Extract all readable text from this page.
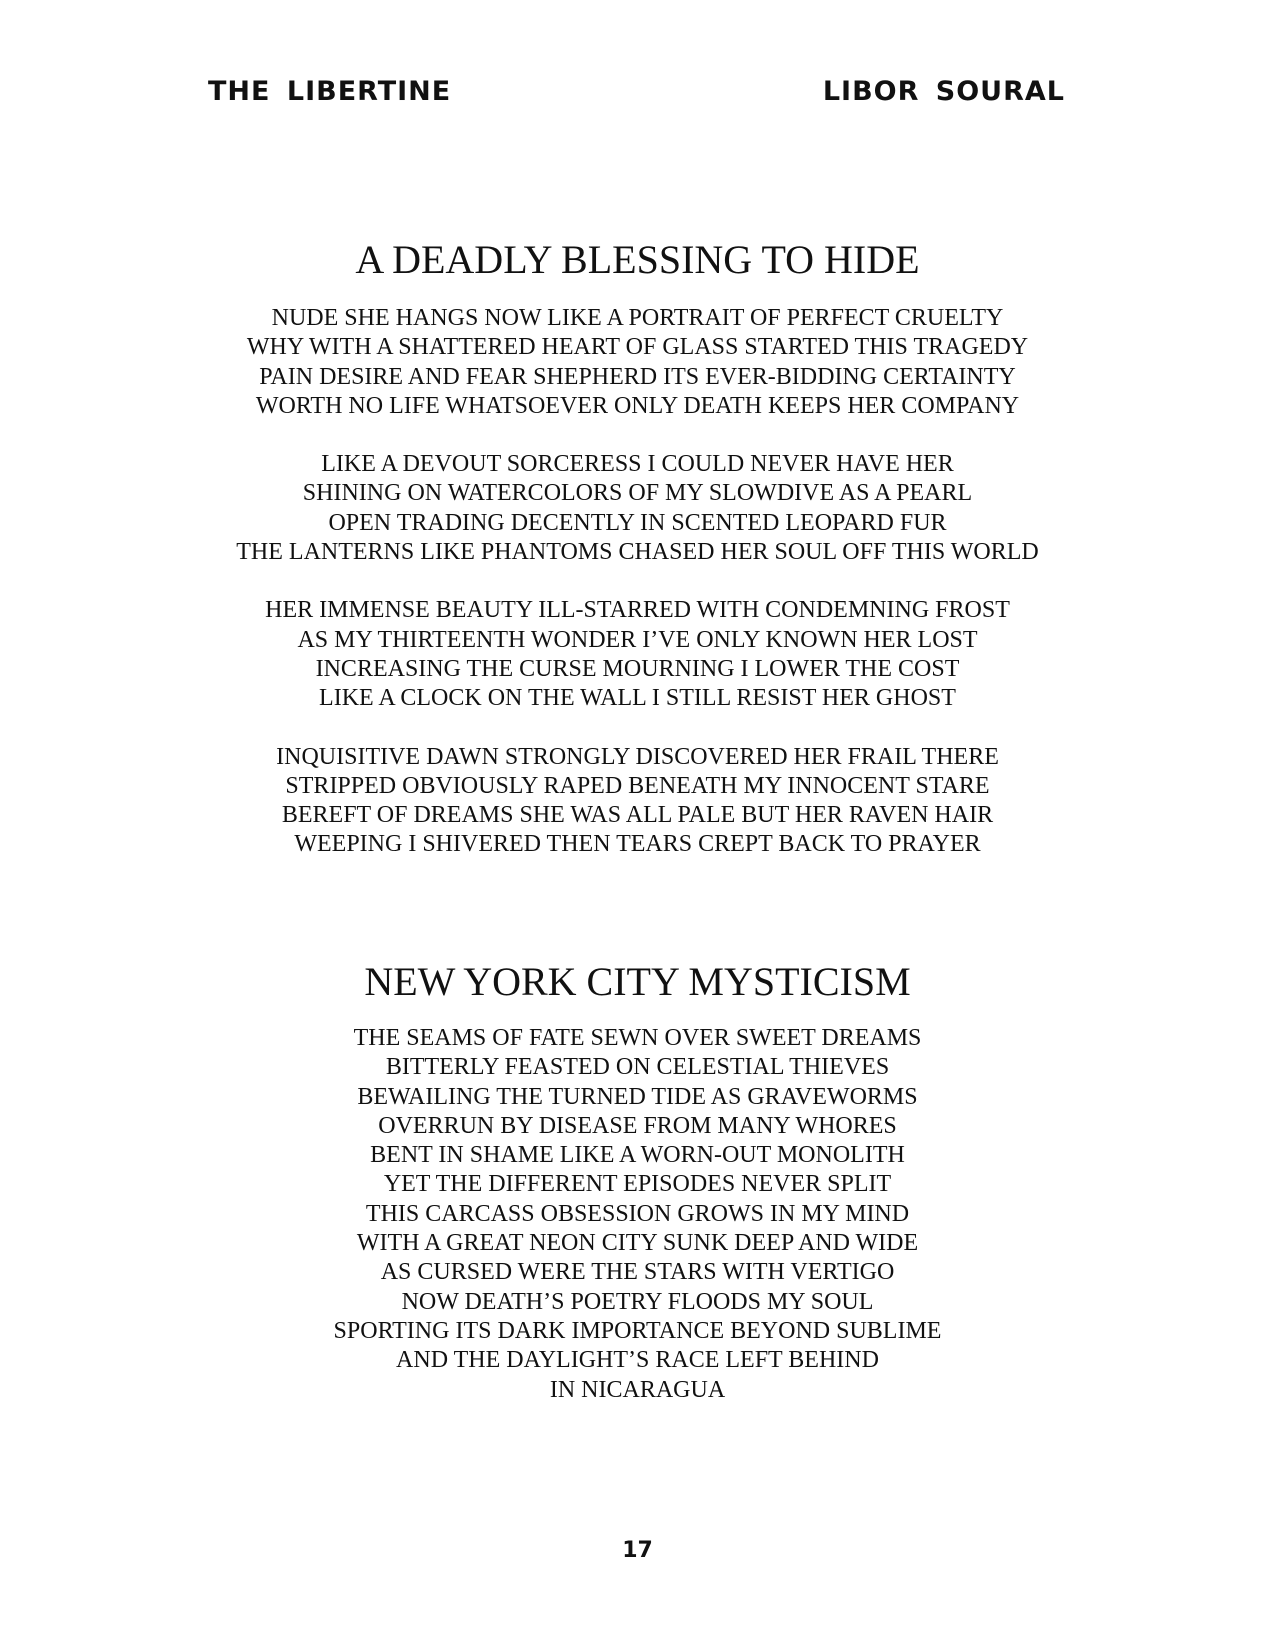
THE LIBERTINE	LIBOR SOURAL
A DEADLY BLESSING TO HIDE
NUDE SHE HANGS NOW LIKE A PORTRAIT OF PERFECT CRUELTY
WHY WITH A SHATTERED HEART OF GLASS STARTED THIS TRAGEDY
PAIN DESIRE AND FEAR SHEPHERD ITS EVER-BIDDING CERTAINTY
WORTH NO LIFE WHATSOEVER ONLY DEATH KEEPS HER COMPANY
LIKE A DEVOUT SORCERESS I COULD NEVER HAVE HER
SHINING ON WATERCOLORS OF MY SLOWDIVE AS A PEARL
OPEN TRADING DECENTLY IN SCENTED LEOPARD FUR
THE LANTERNS LIKE PHANTOMS CHASED HER SOUL OFF THIS WORLD
HER IMMENSE BEAUTY ILL-STARRED WITH CONDEMNING FROST
AS MY THIRTEENTH WONDER I’VE ONLY KNOWN HER LOST
INCREASING THE CURSE MOURNING I LOWER THE COST
LIKE A CLOCK ON THE WALL I STILL RESIST HER GHOST
INQUISITIVE DAWN STRONGLY DISCOVERED HER FRAIL THERE
STRIPPED OBVIOUSLY RAPED BENEATH MY INNOCENT STARE
BEREFT OF DREAMS SHE WAS ALL PALE BUT HER RAVEN HAIR
WEEPING I SHIVERED THEN TEARS CREPT BACK TO PRAYER
NEW YORK CITY MYSTICISM
THE SEAMS OF FATE SEWN OVER SWEET DREAMS
BITTERLY FEASTED ON CELESTIAL THIEVES
BEWAILING THE TURNED TIDE AS GRAVEWORMS
OVERRUN BY DISEASE FROM MANY WHORES
BENT IN SHAME LIKE A WORN-OUT MONOLITH
YET THE DIFFERENT EPISODES NEVER SPLIT
THIS CARCASS OBSESSION GROWS IN MY MIND
WITH A GREAT NEON CITY SUNK DEEP AND WIDE
AS CURSED WERE THE STARS WITH VERTIGO
NOW DEATH’S POETRY FLOODS MY SOUL
SPORTING ITS DARK IMPORTANCE BEYOND SUBLIME
AND THE DAYLIGHT’S RACE LEFT BEHIND
IN NICARAGUA
17
